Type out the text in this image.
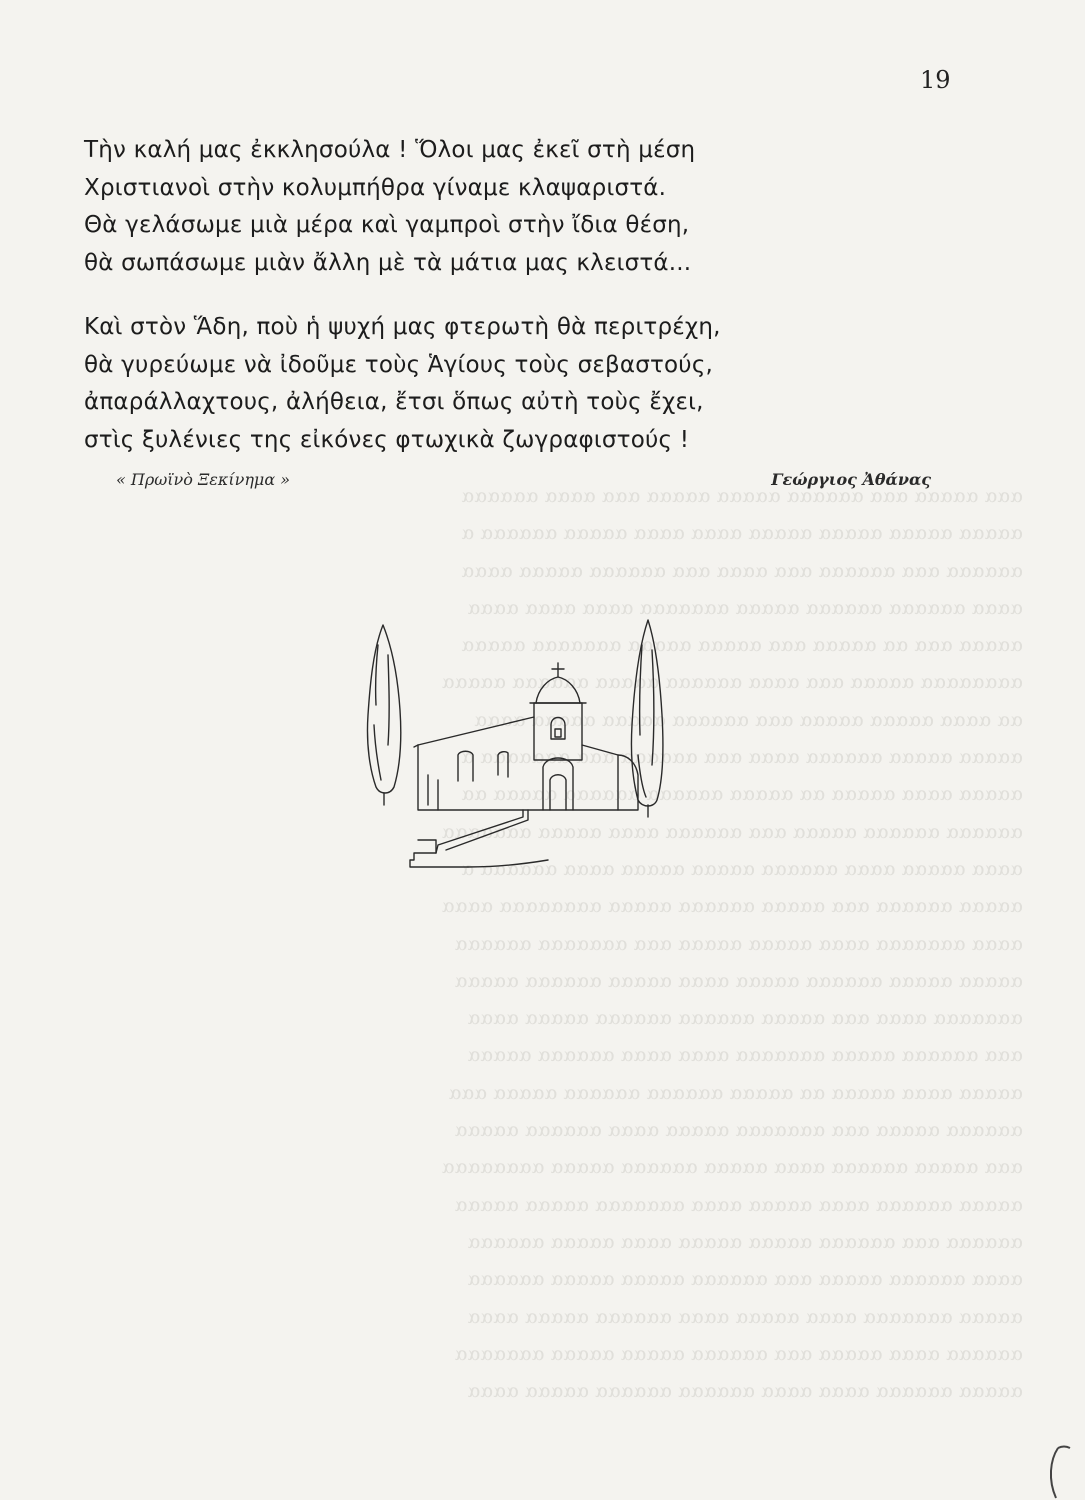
ααα ααααα ααα αααααα ααααα ααααα ααα αααα αααααα
ααααα ααααα ααααα ααααα αααα αααα ααααα αααααα α
αααααα ααα αααααα ααα αααα ααα αααααα ααααα αααα
αααα αααααα αααααα ααααα ααααααα αααα αααα αααα
ααααα ααα αα ααααα ααα ααααα ααααα ααααααα ααααα
αααααααα ααααα ααα αααα αααααα ααααα αααααα ααααα
αα αααα ααααα ααααα ααα αααααα ααααα ααααα αααα
ααααα ααααα αααααα αααα ααα αααααα ααα ααααααα α
ααααα αααα ααααα αα ααααα αααααα αααααα ααααα αα
αααααα αααααα ααααα ααα αααααα αααα ααααα ααααααα
αααα ααααα αααα αααααα ααααα ααααα αααα αααααα α
ααααα αααααα ααα ααααα αααααα ααααα αααααααα αααα
αααα ααααααα αααα ααααα ααααα ααα ααααααα αααααα
ααααα ααααα αααααα ααααα αααα ααααα αααααα ααααα
ααααααα αααα ααα ααααα αααααα αααααα ααααα αααα
ααα αααααα ααααα ααααααα αααα αααα αααααα ααααα
ααααα αααα ααααα αα ααααα αααααα αααααα ααααα ααα
αααααα ααααα ααα ααααααα ααααα αααα αααααα ααααα
ααα ααααα αααααα αααα ααααα αααααα ααααα αααααααα
ααααα αααααα αααα ααααα αααα ααααααα ααααα ααααα
αααααα ααα αααααα ααααα ααααα αααα ααααα αααααα
αααα αααααα ααααα ααα αααααα ααααα ααααα αααααα
ααααα ααααααα αααα ααααα αααα αααααα ααααα αααα
αααααα αααα ααααα ααα αααααα ααααα ααααα ααααααα
ααααα αααααα αααα αααα αααααα αααααα ααααα αααα
19
Τὴν καλή μας ἐκκλησούλα ! Ὅλοι μας ἐκεῖ στὴ μέση
Χριστιανοὶ στὴν κολυμπήθρα γίναμε κλαψαριστά.
Θὰ γελάσωμε μιὰ μέρα καὶ γαμπροὶ στὴν ἴδια θέση,
θὰ σωπάσωμε μιὰν ἄλλη μὲ τὰ μάτια μας κλειστά...
Καὶ στὸν Ἅδη, ποὺ ἡ ψυχή μας φτερωτὴ θὰ περιτρέχη,
θὰ γυρεύωμε νὰ ἰδοῦμε τοὺς Ἁγίους τοὺς σεβαστούς,
ἀπαράλλαχτους, ἀλήθεια, ἔτσι ὅπως αὐτὴ τοὺς ἔχει,
στὶς ξυλένιες της εἰκόνες φτωχικὰ ζωγραφιστούς !
« Πρωϊνὸ Ξεκίνημα »	Γεώργιος Ἀθάνας
